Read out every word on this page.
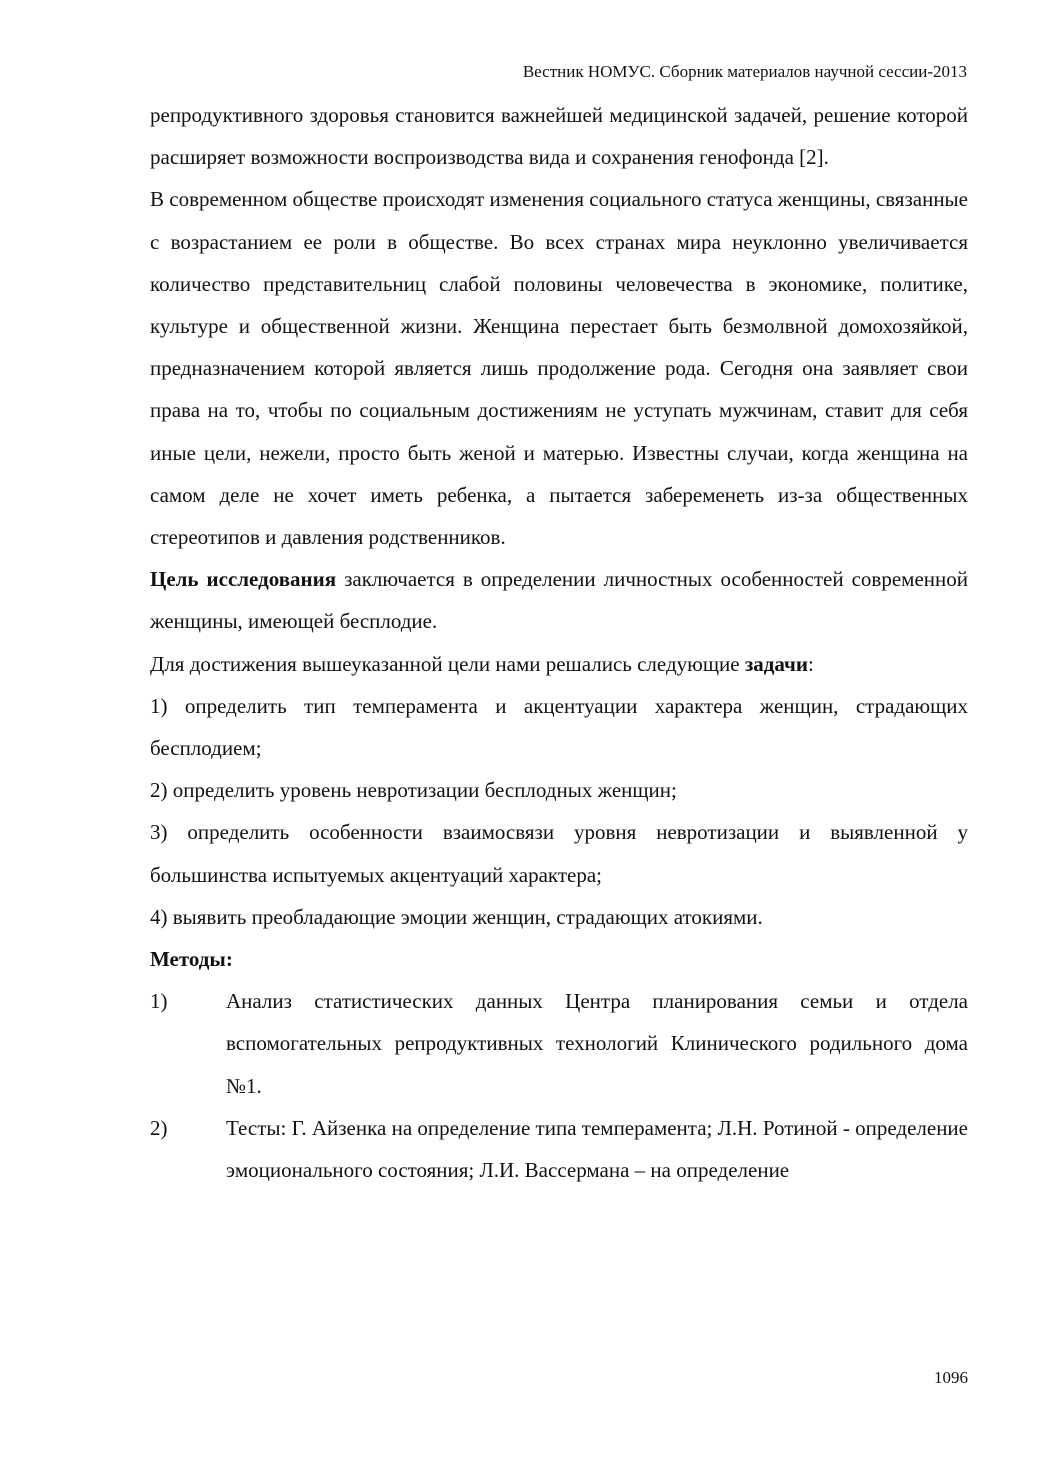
Вестник НОМУС. Сборник материалов научной сессии-2013

репродуктивного здоровья становится важнейшей медицинской задачей, решение которой расширяет возможности воспроизводства вида и сохранения генофонда [2].

В современном обществе происходят изменения социального статуса женщины, связанные с возрастанием ее роли в обществе. Во всех странах мира неуклонно увеличивается количество представительниц слабой половины человечества в экономике, политике, культуре и общественной жизни. Женщина перестает быть безмолвной домохозяйкой, предназначением которой является лишь продолжение рода. Сегодня она заявляет свои права на то, чтобы по социальным достижениям не уступать мужчинам, ставит для себя иные цели, нежели, просто быть женой и матерью. Известны случаи, когда женщина на самом деле не хочет иметь ребенка, а пытается забеременеть из-за общественных стереотипов и давления родственников.

Цель исследования заключается в определении личностных особенностей современной женщины, имеющей бесплодие.

Для достижения вышеуказанной цели нами решались следующие задачи:

1) определить тип темперамента и акцентуации характера женщин, страдающих бесплодием;

2) определить уровень невротизации бесплодных женщин;

3) определить особенности взаимосвязи уровня невротизации и выявленной у большинства испытуемых акцентуаций характера;

4) выявить преобладающие эмоции женщин, страдающих атокиями.

Методы:

1)	Анализ статистических данных Центра планирования семьи и отдела вспомогательных репродуктивных технологий Клинического родильного дома №1.
2)	Тесты: Г. Айзенка на определение типа темперамента; Л.Н. Ротиной - определение эмоционального состояния; Л.И. Вассермана – на определение
1096
